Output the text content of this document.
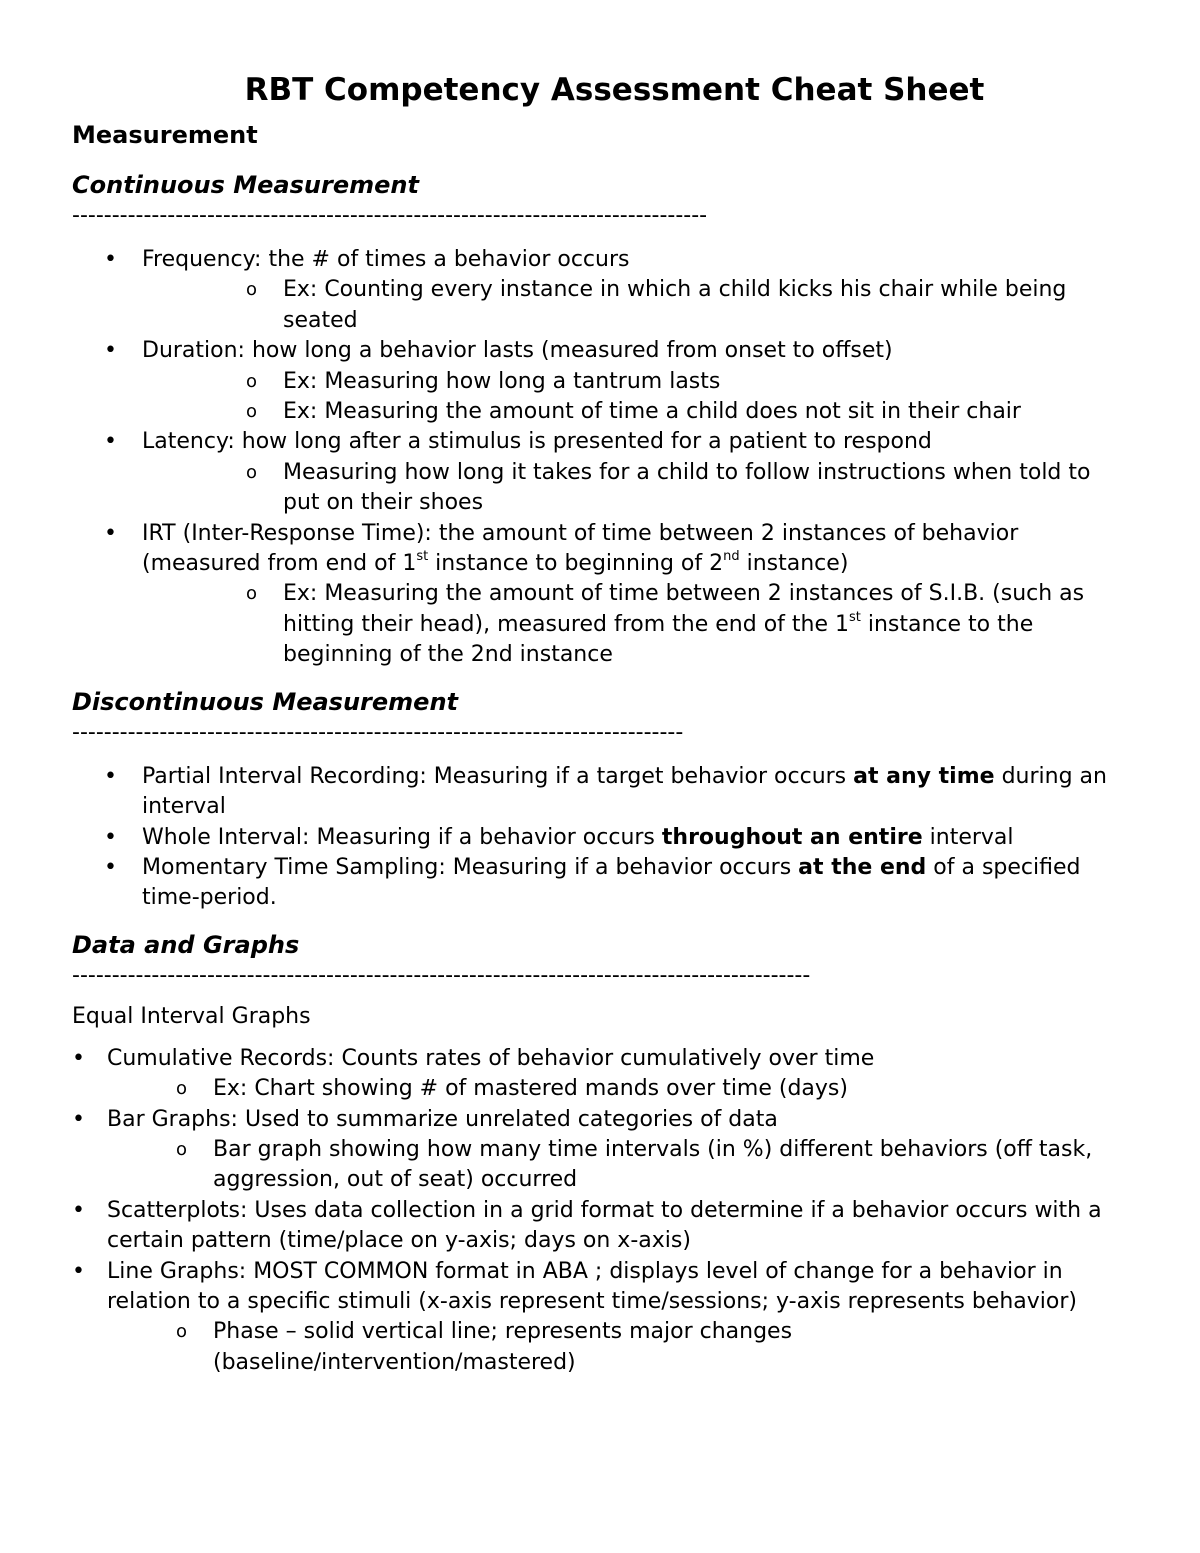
RBT Competency Assessment Cheat Sheet
Measurement
Continuous Measurement

--------------------------------------------------------------------------------

•	Frequency: the # of times a behavior occurs
o	Ex: Counting every instance in which a child kicks his chair while being seated
•	Duration: how long a behavior lasts (measured from onset to offset)
o	Ex: Measuring how long a tantrum lasts
o	Ex: Measuring the amount of time a child does not sit in their chair
•	Latency: how long after a stimulus is presented for a patient to respond
o	Measuring how long it takes for a child to follow instructions when told to put on their shoes
•	IRT (Inter-Response Time): the amount of time between 2 instances of behavior (measured from end of 1st instance to beginning of 2nd instance)
o	Ex: Measuring the amount of time between 2 instances of S.I.B. (such as hitting their head), measured from the end of the 1st instance to the beginning of the 2nd instance
Discontinuous Measurement

-----------------------------------------------------------------------------

•	Partial Interval Recording: Measuring if a target behavior occurs at any time during an interval
•	Whole Interval: Measuring if a behavior occurs throughout an entire interval
•	Momentary Time Sampling: Measuring if a behavior occurs at the end of a specified time-period.
Data and Graphs

---------------------------------------------------------------------------------------------

Equal Interval Graphs

•	Cumulative Records: Counts rates of behavior cumulatively over time
o	Ex: Chart showing # of mastered mands over time (days)
•	Bar Graphs: Used to summarize unrelated categories of data
o	Bar graph showing how many time intervals (in %) different behaviors (off task, aggression, out of seat) occurred
•	Scatterplots: Uses data collection in a grid format to determine if a behavior occurs with a certain pattern (time/place on y-axis; days on x-axis)
•	Line Graphs: MOST COMMON format in ABA ; displays level of change for a behavior in relation to a specific stimuli (x-axis represent time/sessions; y-axis represents behavior)
o	Phase – solid vertical line; represents major changes (baseline/intervention/mastered)
